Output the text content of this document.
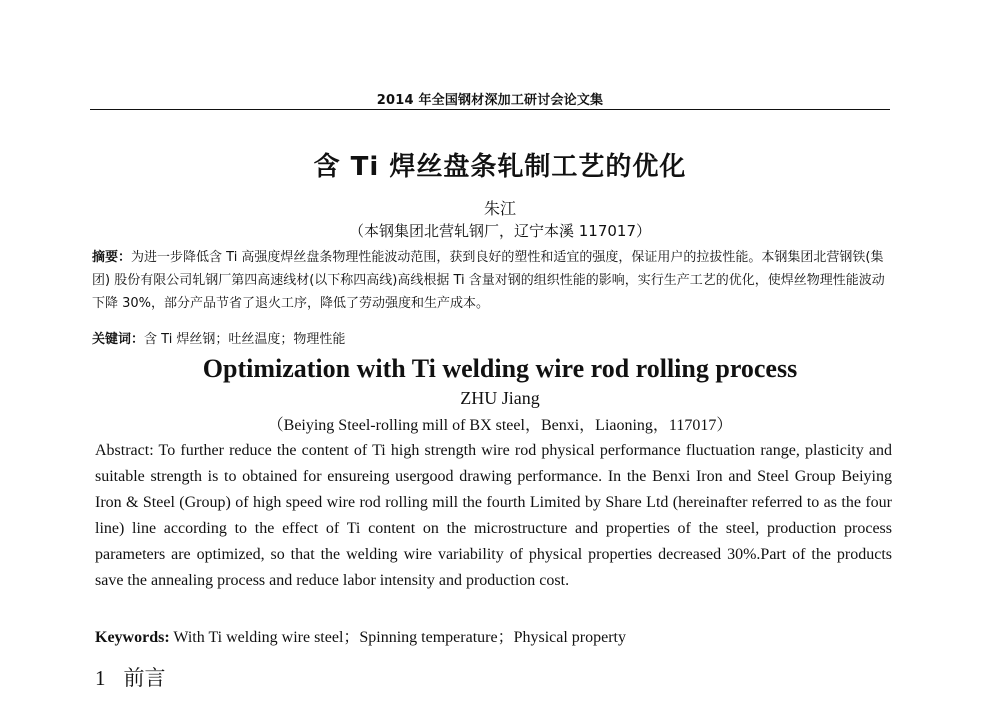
2014 年全国钢材深加工研讨会论文集
含 Ti 焊丝盘条轧制工艺的优化
朱江
（本钢集团北营轧钢厂，辽宁本溪 117017）
摘要：为进一步降低含 Ti 高强度焊丝盘条物理性能波动范围，获到良好的塑性和适宜的强度，保证用户的拉拔性能。本钢集团北营钢铁(集团) 股份有限公司轧钢厂第四高速线材(以下称四高线)高线根据 Ti 含量对钢的组织性能的影响，实行生产工艺的优化，使焊丝物理性能波动下降 30%，部分产品节省了退火工序，降低了劳动强度和生产成本。
关键词：含 Ti 焊丝钢；吐丝温度；物理性能
Optimization with Ti welding wire rod rolling process
ZHU Jiang
（Beiying Steel-rolling mill of BX steel，Benxi，Liaoning，117017）
Abstract: To further reduce the content of Ti high strength wire rod physical performance fluctuation range, plasticity and suitable strength is to obtained for ensureing usergood drawing performance. In the Benxi Iron and Steel Group Beiying Iron & Steel (Group) of high speed wire rod rolling mill the fourth Limited by Share Ltd (hereinafter referred to as the four line) line according to the effect of Ti content on the microstructure and properties of the steel, production process parameters are optimized, so that the welding wire variability of physical properties decreased 30%.Part of the products save the annealing process and reduce labor intensity and production cost.
Keywords: With Ti welding wire steel；Spinning temperature；Physical property
1 前言
